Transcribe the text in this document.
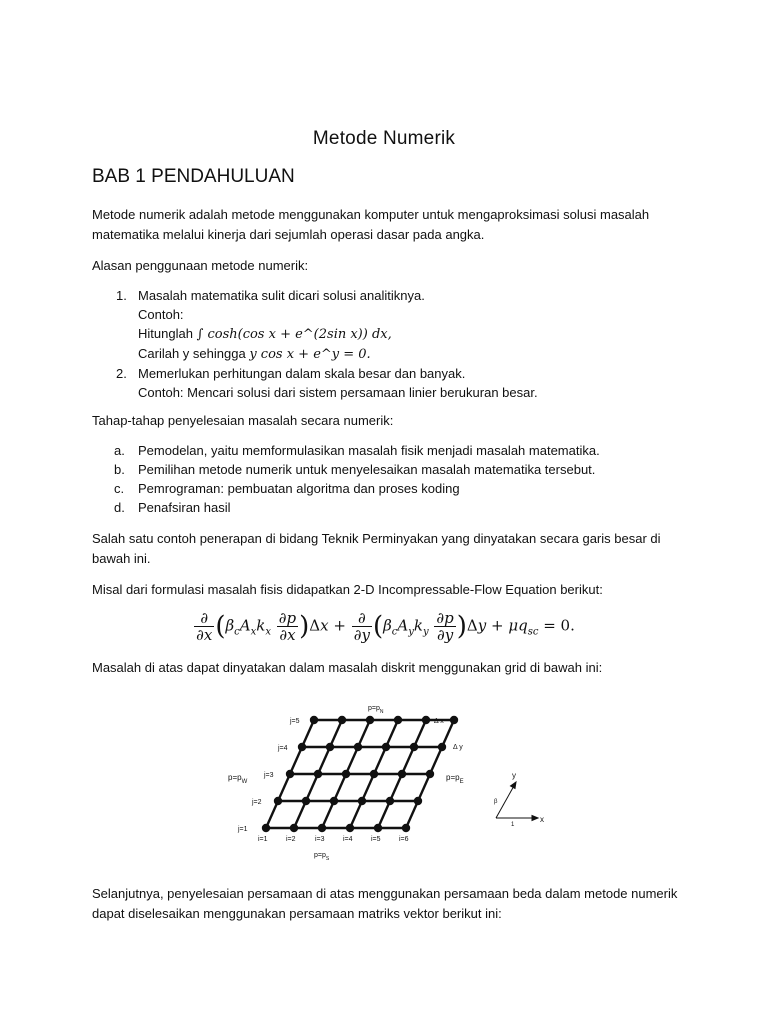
Metode Numerik
BAB 1 PENDAHULUAN
Metode numerik adalah metode menggunakan komputer untuk mengaproksimasi solusi masalah matematika melalui kinerja dari sejumlah operasi dasar pada angka.
Alasan penggunaan metode numerik:
1. Masalah matematika sulit dicari solusi analitiknya.
Contoh:
Hitunglah ∫ cosh(cos x + e^(2sin x)) dx,
Carilah y sehingga y cos x + e^y = 0.
2. Memerlukan perhitungan dalam skala besar dan banyak.
Contoh: Mencari solusi dari sistem persamaan linier berukuran besar.
Tahap-tahap penyelesaian masalah secara numerik:
a. Pemodelan, yaitu memformulasikan masalah fisik menjadi masalah matematika.
b. Pemilihan metode numerik untuk menyelesaikan masalah matematika tersebut.
c. Pemrograman: pembuatan algoritma dan proses koding
d. Penafsiran hasil
Salah satu contoh penerapan di bidang Teknik Perminyakan yang dinyatakan secara garis besar di bawah ini.
Misal dari formulasi masalah fisis didapatkan 2-D Incompressable-Flow Equation berikut:
$\frac{\partial}{\partial x} (\beta_cA_xk_x \frac{\partial p}{\partial x} )\Delta x + \frac{\partial}{\partial y} (\beta_cA_yk_y \frac{\partial p}{\partial y} )\Delta y + \mu q_{sc} = 0$.
Masalah di atas dapat dinyatakan dalam masalah diskrit menggunakan grid di bawah ini:
j=1
j=2
j=3
j=4
j=5
i=1	i=2	i=3	i=4	i=5	i=6
$p=p_N$
$p=p_S$
$p=p_W$	$p=p_E$
Δ x
Δ y
x
y
β
1
Selanjutnya, penyelesaian persamaan di atas menggunakan persamaan beda dalam metode numerik dapat diselesaikan menggunakan persamaan matriks vektor berikut ini:
